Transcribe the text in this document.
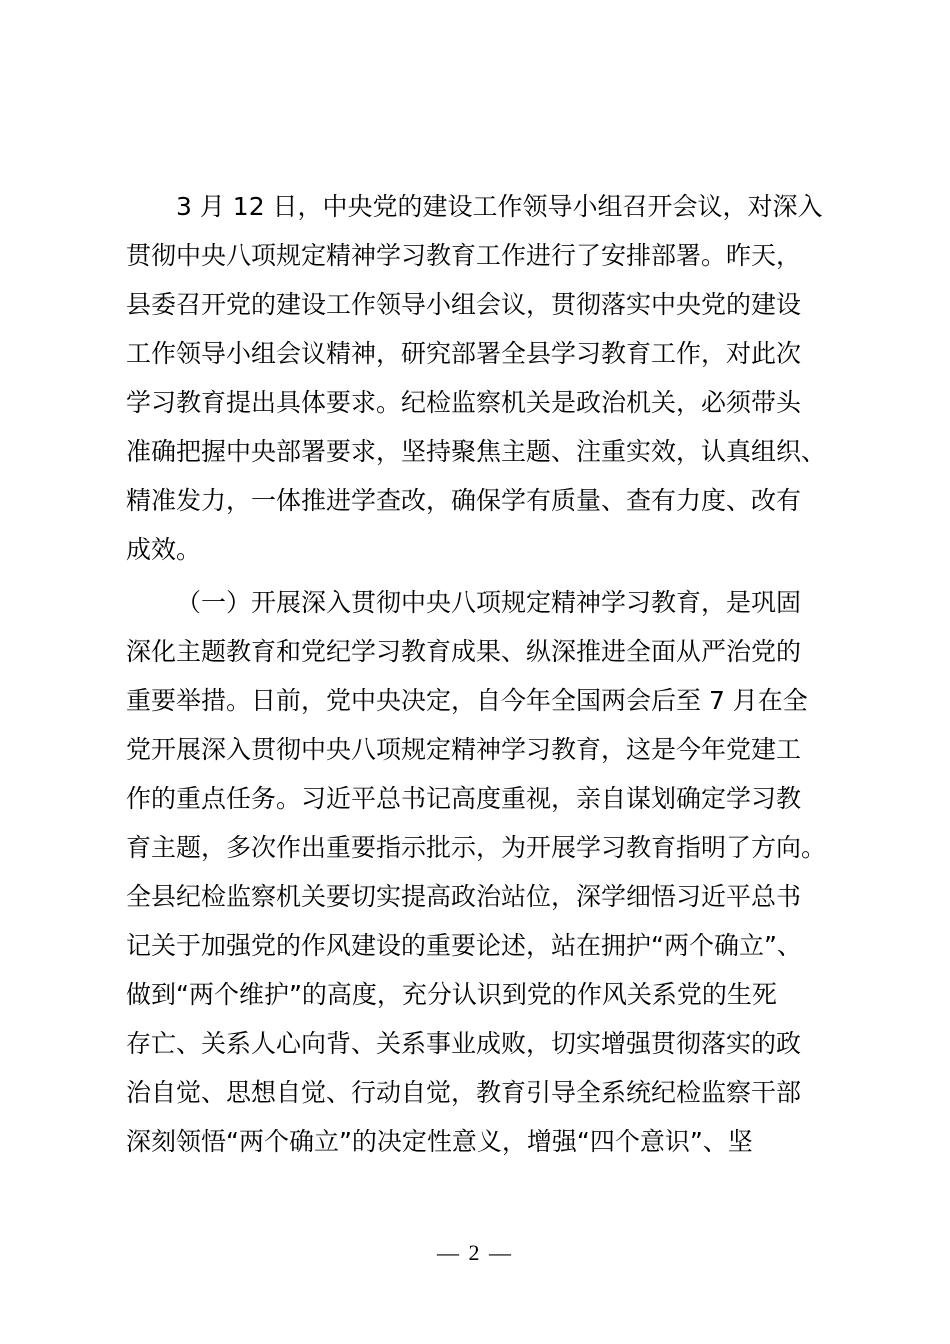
3 月 12 日，中央党的建设工作领导小组召开会议，对深入
贯彻中央八项规定精神学习教育工作进行了安排部署。昨天，
县委召开党的建设工作领导小组会议，贯彻落实中央党的建设
工作领导小组会议精神，研究部署全县学习教育工作，对此次
学习教育提出具体要求。纪检监察机关是政治机关，必须带头
准确把握中央部署要求，坚持聚焦主题、注重实效，认真组织、
精准发力，一体推进学查改，确保学有质量、查有力度、改有
成效。
（一）开展深入贯彻中央八项规定精神学习教育，是巩固
深化主题教育和党纪学习教育成果、纵深推进全面从严治党的
重要举措。日前，党中央决定，自今年全国两会后至 7 月在全
党开展深入贯彻中央八项规定精神学习教育，这是今年党建工
作的重点任务。习近平总书记高度重视，亲自谋划确定学习教
育主题，多次作出重要指示批示，为开展学习教育指明了方向。
全县纪检监察机关要切实提高政治站位，深学细悟习近平总书
记关于加强党的作风建设的重要论述，站在拥护“两个确立”、
做到“两个维护”的高度，充分认识到党的作风关系党的生死
存亡、关系人心向背、关系事业成败，切实增强贯彻落实的政
治自觉、思想自觉、行动自觉，教育引导全系统纪检监察干部
深刻领悟“两个确立”的决定性意义，增强“四个意识”、坚
— 2 —
